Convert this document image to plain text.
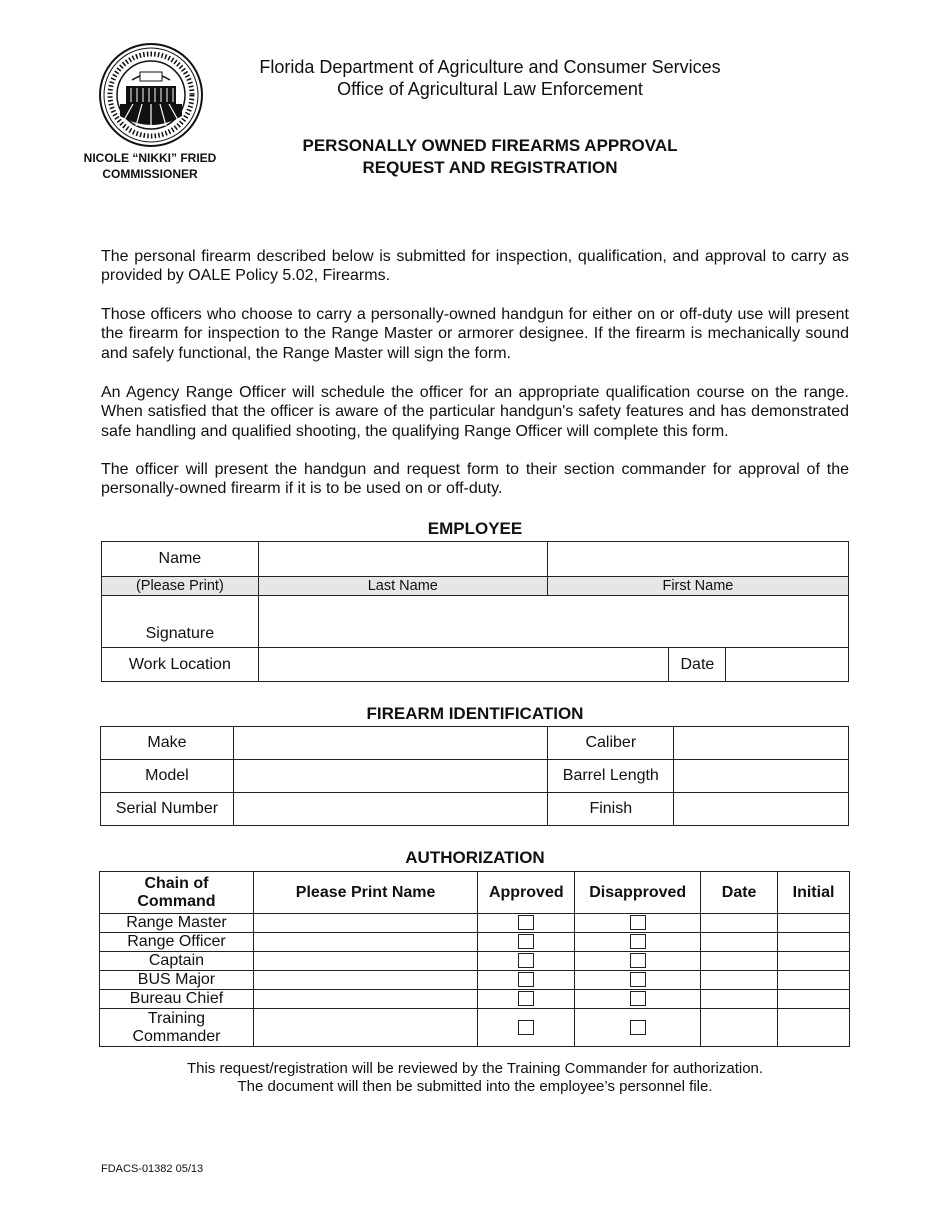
NICOLE “NIKKI” FRIED
COMMISSIONER
Florida Department of Agriculture and Consumer Services
Office of Agricultural Law Enforcement
PERSONALLY OWNED FIREARMS APPROVAL
REQUEST AND REGISTRATION

The personal firearm described below is submitted for inspection, qualification, and approval to carry as provided by OALE Policy 5.02, Firearms.

Those officers who choose to carry a personally-owned handgun for either on or off-duty use will present the firearm for inspection to the Range Master or armorer designee. If the firearm is mechanically sound and safely functional, the Range Master will sign the form.

An Agency Range Officer will schedule the officer for an appropriate qualification course on the range. When satisfied that the officer is aware of the particular handgun's safety features and has demonstrated safe handling and qualified shooting, the qualifying Range Officer will complete this form.

The officer will present the handgun and request form to their section commander for approval of the personally-owned firearm if it is to be used on or off-duty.

EMPLOYEE
Name				
(Please Print)	Last Name	First Name		
Signature				
Work Location			Date	
FIREARM IDENTIFICATION
Make		Caliber	
Model		Barrel Length	
Serial Number		Finish	
AUTHORIZATION
Chain of Command	Please Print Name	Approved	Disapproved	Date	Initial
Range Master					
Range Officer					
Captain					
BUS Major					
Bureau Chief					
Training Commander					
This request/registration will be reviewed by the Training Commander for authorization.
The document will then be submitted into the employee’s personnel file.
FDACS-01382 05/13
